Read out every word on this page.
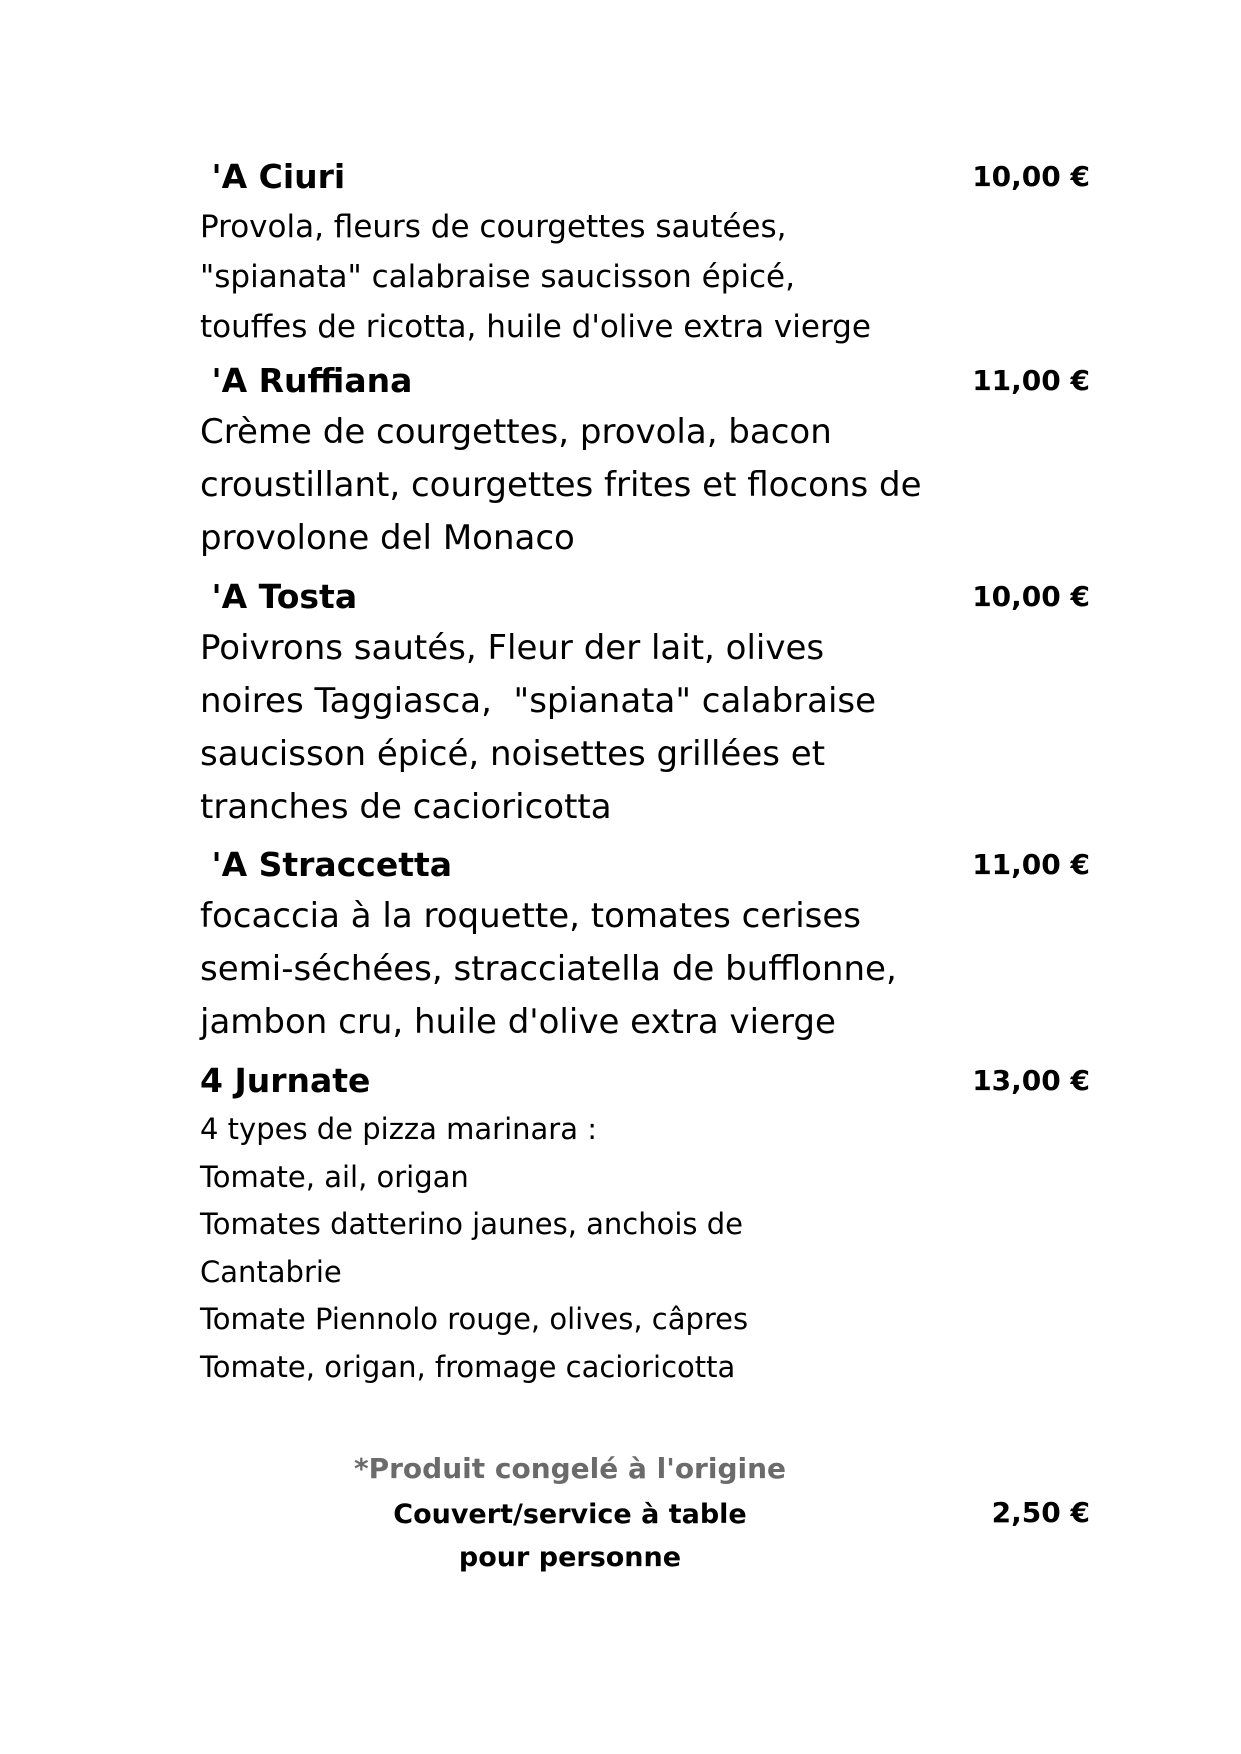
'A Ciuri	10,00 €
Provola, fleurs de courgettes sautées,
"spianata" calabraise saucisson épicé,
touffes de ricotta, huile d'olive extra vierge
'A Ruffiana	11,00 €
Crème de courgettes, provola, bacon
croustillant, courgettes frites et flocons de
provolone del Monaco
'A Tosta	10,00 €
Poivrons sautés, Fleur der lait, olives
noires Taggiasca,  "spianata" calabraise
saucisson épicé, noisettes grillées et
tranches de cacioricotta
'A Straccetta	11,00 €
focaccia à la roquette, tomates cerises
semi-séchées, stracciatella de bufflonne,
jambon cru, huile d'olive extra vierge
4 Jurnate	13,00 €
4 types de pizza marinara :
Tomate, ail, origan
Tomates datterino jaunes, anchois de
Cantabrie
Tomate Piennolo rouge, olives, câpres
Tomate, origan, fromage cacioricotta
*Produit congelé à l'origine
Couvert/service à table
pour personne
2,50 €
